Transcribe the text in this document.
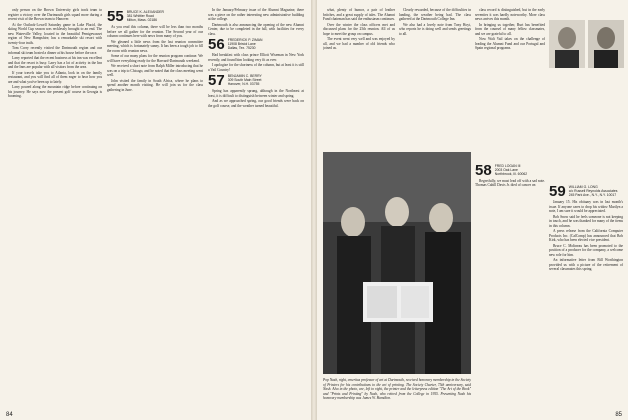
only person on the Brown University girls track team to register a victory over the Dartmouth girls squad more during a recent visit of the Brown team to Hanover.

At the Outlook-Lowell Saturday game in Lake Placid, the skiing World Cup season was recklessly brought to an end. The new Waterville Valley, located in the beautiful Pemigewasset region of New Hampshire, has a remarkable ski resort with twenty-four trails.

Tom Corry recently visited the Dartmouth region and our informal ski team hosted a dinner at his house before the race.

Larry reported that the recent business at his inn was excellent and that the resort is busy. Larry has a lot of activity in the Inn and the Inns are popular with all visitors from the area.

If your travels take you to Atlanta, look in on the family restaurant, and you will find all of them eager to hear how you are and what you've been up to lately.

Larry poured along the mountain ridge before continuing on his journey. He says now the present golf course in Georgia is booming.

55 BRUCE K. ALEXANDER
381 Whittier Road
Milton, Mass. 02186

As you read this column, there will be less than two months before we all gather for the reunion. The Second year of our column continues here with news from many of you.

We gleaned a little news from the last reunion committee meeting, which is fortunately sunny. It has been a tough job to fill the room with reunion news.

Some of our many plans for the reunion program continue. We will have everything ready for the Harvard-Dartmouth weekend.

We received a short note from Ralph Miller introducing that he was on a trip to Chicago, and he noted that the class meeting went well.

John visited the family in South Africa, where he plans to spend another month visiting. He will join us for the class gathering in June.

In the January/February issue of the Alumni Magazine, there was a piece on the rather interesting new administrative building at the college.

Dartmouth is also announcing the opening of the new Alumni Center, due to be completed in the fall, with facilities for every class.

56 FREDERICK P. ZIMAN
11908 Bristol Lane
Dallas, Tex. 75230

Had breakfast with class prince Elliott Wiseman in New York recently, and found him looking very fit as ever.

I apologize for the shortness of the column, but at least it is still a Vail Country!

57 BENJAMIN C. BERRY
309 South Main Street
Hanover, N.H. 03755

Spring has apparently sprung, although in the Northeast at least, it is difficult to distinguish between winter and spring.

And as we approached spring, our good friends were back on the golf course, and the weather turned beautiful.

84

what, plenty of humor, a pair of leather britches, and a great supply of tales. The Alumni Fund chairman has said the enthusiasm continues.

Over the winter the class officers met and discussed plans for the 25th reunion. All of us hope to meet the group on campus.

The event went very well and was enjoyed by all, and we had a number of old friends who joined us.

Clearly rewarded, because of the difficulties in landing, the weather being bad. The class gathered at the Dartmouth College Inn.

We also had a lovely note from Tony Hoyt, who reports he is doing well and sends greetings to all.

class record is distinguished, but in the early seventies it was hardly noteworthy. More class news arrives this month.

In bringing us together, Burt has benefited from the counsel of many fellow classmates, and we are grateful to all.

Now Walt Vail takes on the challenge of leading the Alumni Fund and our Portugal and Spain regional programs.

58 FRED LOGAN III
2003 Oak Lane
Northbrook, Ill. 60062

Regretfully, we must lead off with a sad note. Thomas Cahill Davis Jr. died of cancer on 59 WILLIAM G. LONG
c/o Russell Reynolds Associates
245 Park Ave., N.Y., N.Y. 10017

January 15. His obituary was in last month's issue. If anyone cares to drop his widow Marilyn a note, I am sure it would be appreciated.

Bob Snow said he feels someone is not keeping in touch, and he was thanked for many of the items in this column.

A press release from the California Computer Products Inc. (CalComp) has announced that Bob Kirk, who has been elected vice president.

Bruce C. Molineau has been promoted to the position of a producer for the company, a welcome new role for him.

An informative letter from Bill Worthington provided us with a picture of the retirement of several classmates this spring.

Pop Nash, right, emeritus professor of art at Dartmouth, received honorary membership in the Society of Printers for his contributions to the art of printing. The Society Charter, 75th anniversary, said Nash. Also in the photo, are, left to right, the printer and the letterpress edition "The Art of the Book" and "Prints and Printing" by Nash, who retired from the College in 1955. Presenting Nash his honorary membership was James W. Hamilton.
85
